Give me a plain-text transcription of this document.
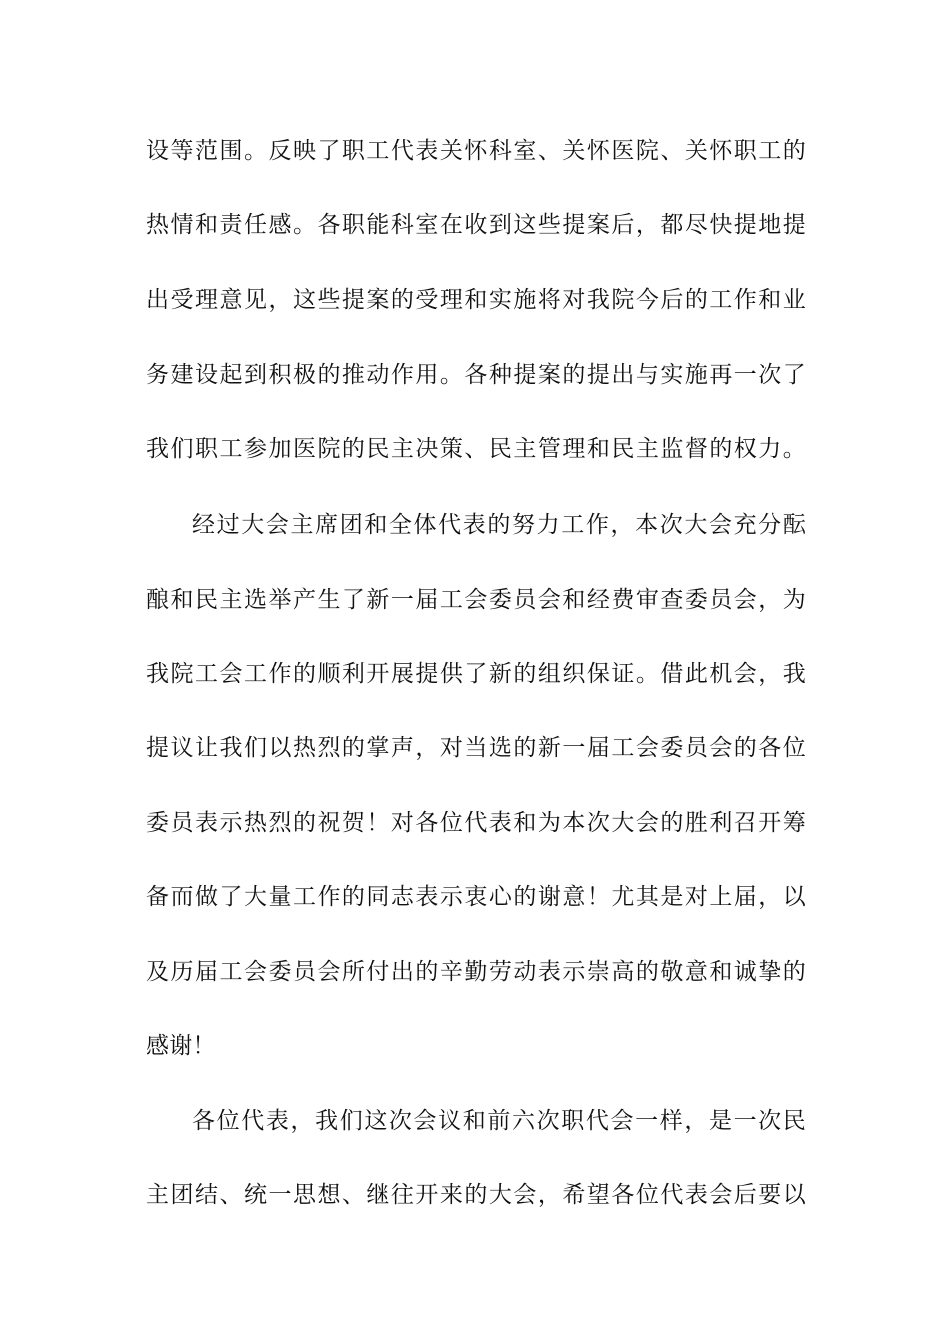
设等范围。反映了职工代表关怀科室、关怀医院、关怀职工的
热情和责任感。各职能科室在收到这些提案后，都尽快提地提
出受理意见，这些提案的受理和实施将对我院今后的工作和业
务建设起到积极的推动作用。各种提案的提出与实施再一次了
我们职工参加医院的民主决策、民主管理和民主监督的权力。
经过大会主席团和全体代表的努力工作，本次大会充分酝
酿和民主选举产生了新一届工会委员会和经费审查委员会，为
我院工会工作的顺利开展提供了新的组织保证。借此机会，我
提议让我们以热烈的掌声，对当选的新一届工会委员会的各位
委员表示热烈的祝贺！对各位代表和为本次大会的胜利召开筹
备而做了大量工作的同志表示衷心的谢意！尤其是对上届，以
及历届工会委员会所付出的辛勤劳动表示崇高的敬意和诚挚的
感谢！
各位代表，我们这次会议和前六次职代会一样，是一次民
主团结、统一思想、继往开来的大会，希望各位代表会后要以
